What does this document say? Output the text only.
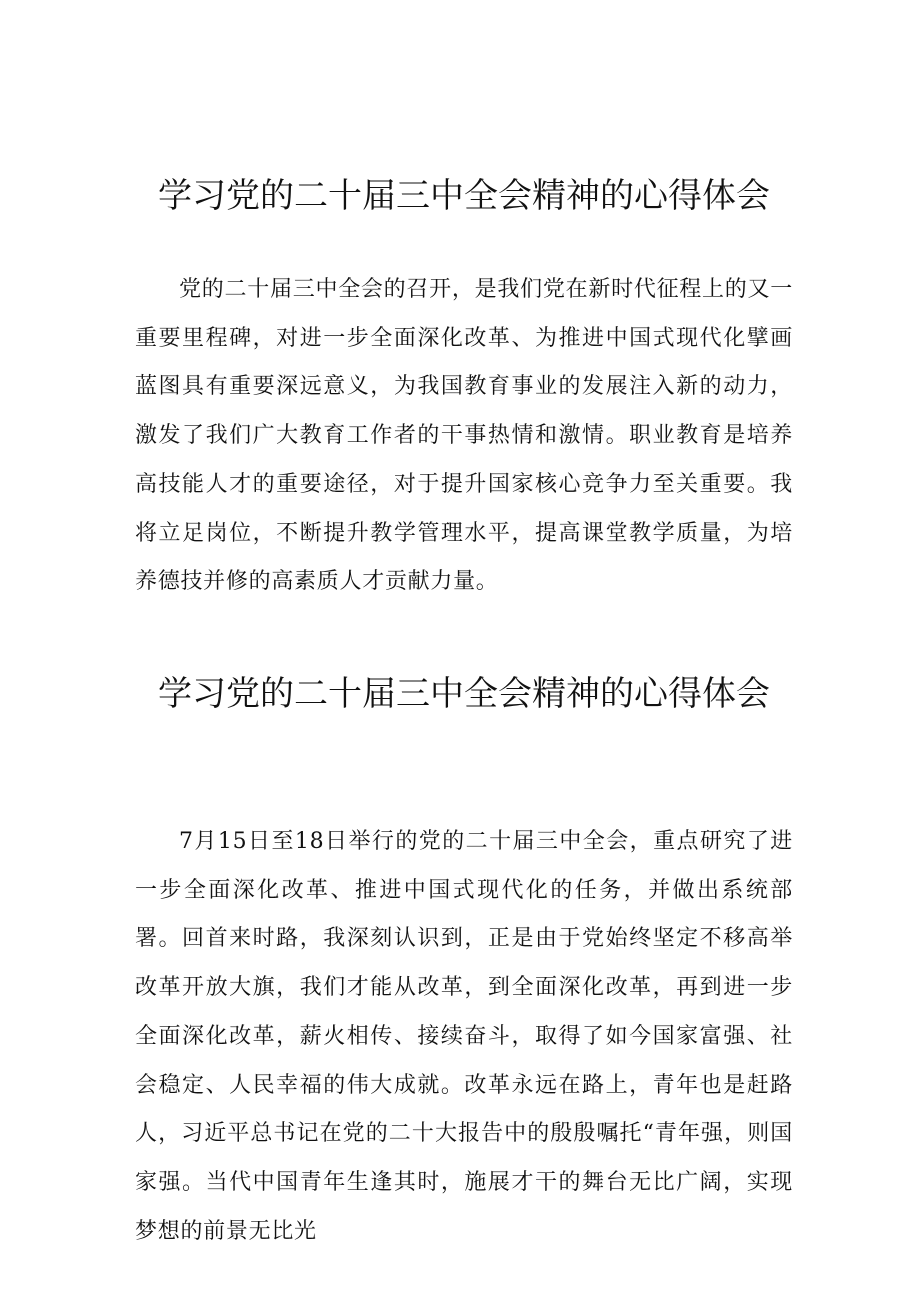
学习党的二十届三中全会精神的心得体会

党的二十届三中全会的召开，是我们党在新时代征程上的又一重要里程碑，对进一步全面深化改革、为推进中国式现代化擘画蓝图具有重要深远意义，为我国教育事业的发展注入新的动力，激发了我们广大教育工作者的干事热情和激情。职业教育是培养高技能人才的重要途径，对于提升国家核心竞争力至关重要。我将立足岗位，不断提升教学管理水平，提高课堂教学质量，为培养德技并修的高素质人才贡献力量。

学习党的二十届三中全会精神的心得体会

7月15日至18日举行的党的二十届三中全会，重点研究了进一步全面深化改革、推进中国式现代化的任务，并做出系统部署。回首来时路，我深刻认识到，正是由于党始终坚定不移高举改革开放大旗，我们才能从改革，到全面深化改革，再到进一步全面深化改革，薪火相传、接续奋斗，取得了如今国家富强、社会稳定、人民幸福的伟大成就。改革永远在路上，青年也是赶路人，习近平总书记在党的二十大报告中的殷殷嘱托“青年强，则国家强。当代中国青年生逢其时，施展才干的舞台无比广阔，实现梦想的前景无比光
